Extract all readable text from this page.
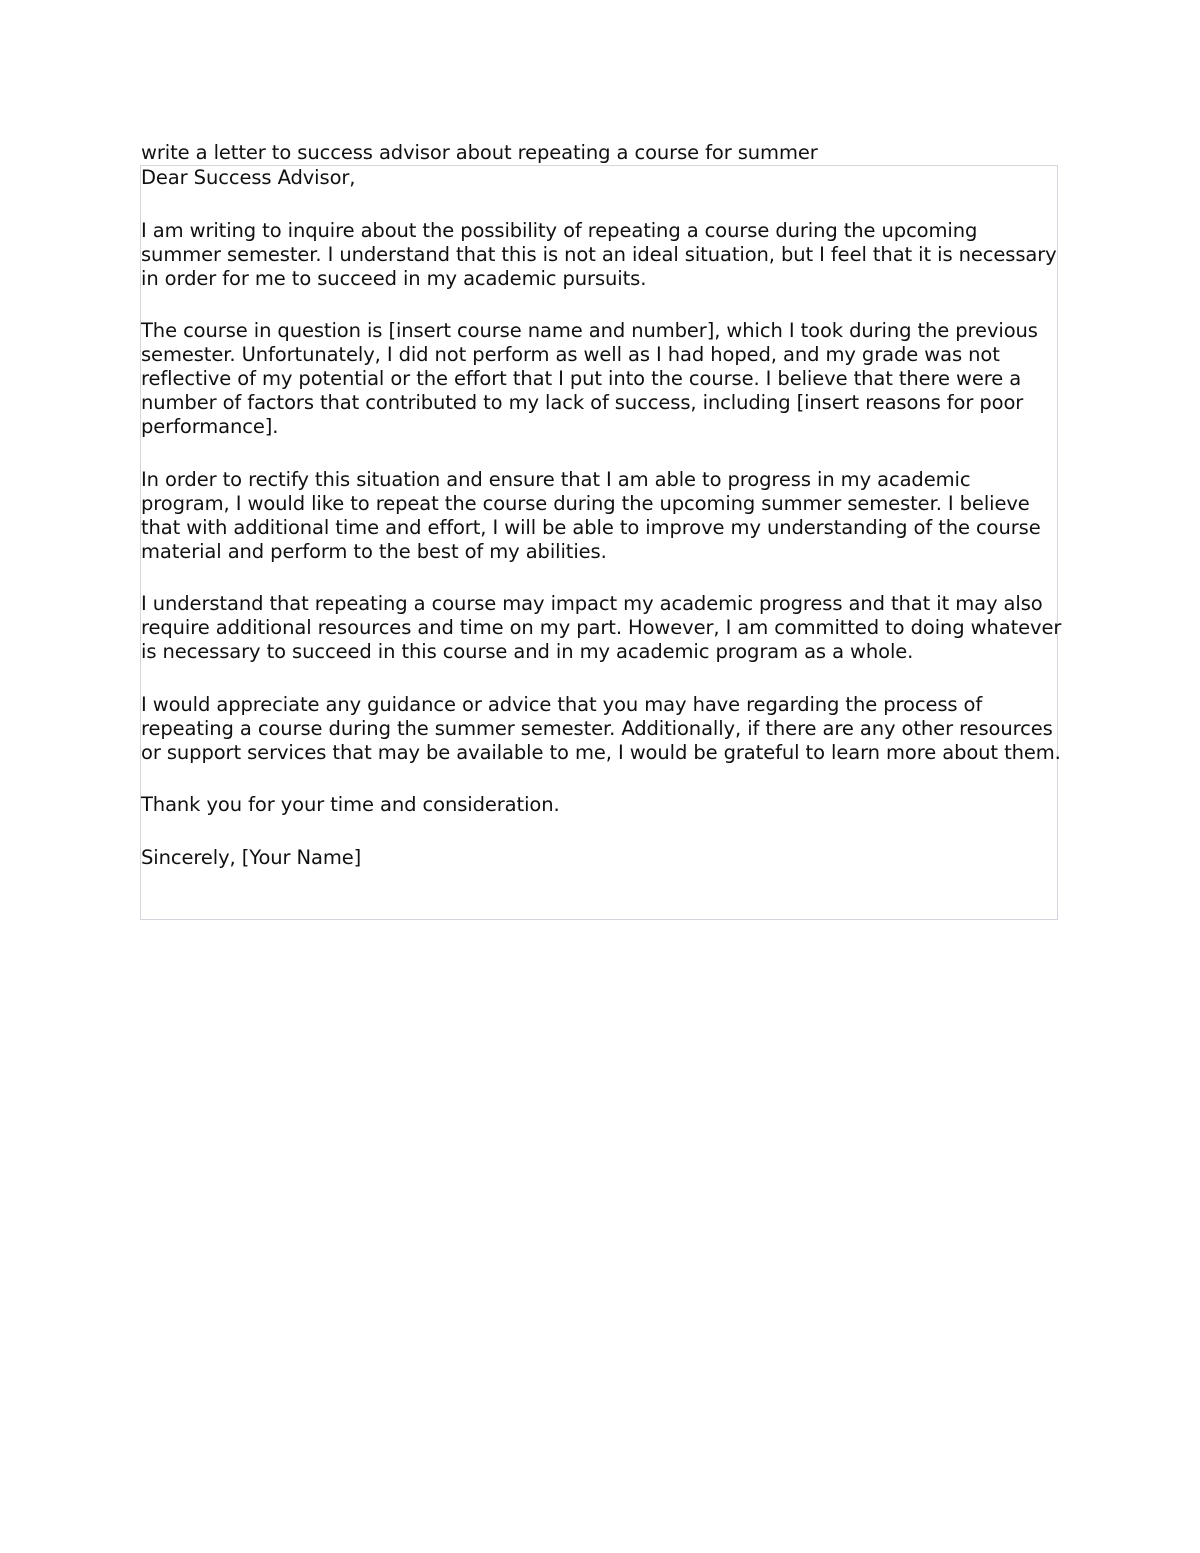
write a letter to success advisor about repeating a course for summer

Dear Success Advisor,

I am writing to inquire about the possibility of repeating a course during the upcoming summer semester. I understand that this is not an ideal situation, but I feel that it is necessary in order for me to succeed in my academic pursuits.

The course in question is [insert course name and number], which I took during the previous semester. Unfortunately, I did not perform as well as I had hoped, and my grade was not reflective of my potential or the effort that I put into the course. I believe that there were a number of factors that contributed to my lack of success, including [insert reasons for poor performance].

In order to rectify this situation and ensure that I am able to progress in my academic program, I would like to repeat the course during the upcoming summer semester. I believe that with additional time and effort, I will be able to improve my understanding of the course material and perform to the best of my abilities.

I understand that repeating a course may impact my academic progress and that it may also require additional resources and time on my part. However, I am committed to doing whatever is necessary to succeed in this course and in my academic program as a whole.

I would appreciate any guidance or advice that you may have regarding the process of repeating a course during the summer semester. Additionally, if there are any other resources or support services that may be available to me, I would be grateful to learn more about them.

Thank you for your time and consideration.

Sincerely, [Your Name]
